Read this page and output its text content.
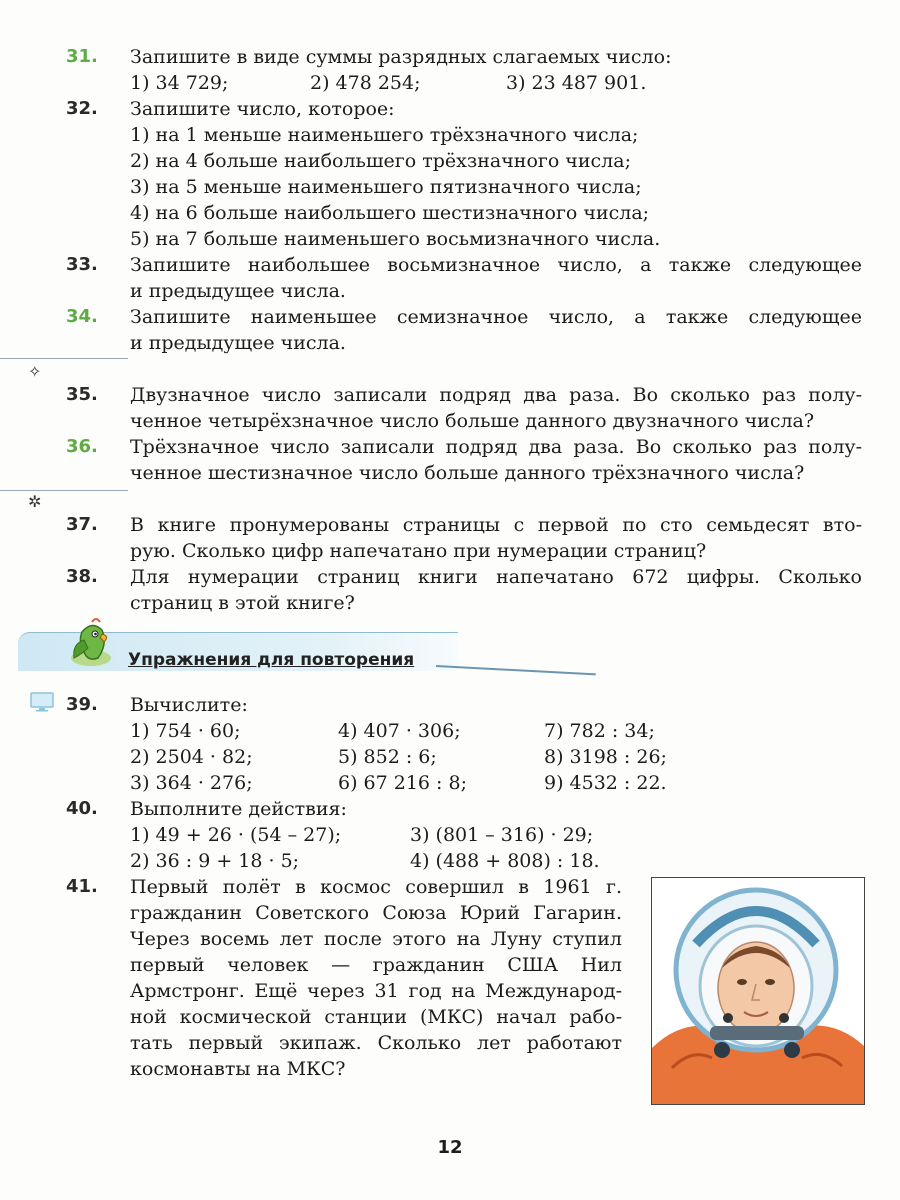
31.	Запишите в виде суммы разрядных слагаемых число:
1) 34 729;	2) 478 254;	3) 23 487 901.
32.	Запишите число, которое:
1) на 1 меньше наименьшего трёхзначного числа;
2) на 4 больше наибольшего трёхзначного числа;
3) на 5 меньше наименьшего пятизначного числа;
4) на 6 больше наибольшего шестизначного числа;
5) на 7 больше наименьшего восьмизначного числа.
33.	Запишите наибольшее восьмизначное число, а также следующее
и предыдущее числа.
34.	Запишите наименьшее семизначное число, а также следующее
и предыдущее числа.
✧
35.	Двузначное число записали подряд два раза. Во сколько раз полу-
ченное четырёхзначное число больше данного двузначного числа?
36.	Трёхзначное число записали подряд два раза. Во сколько раз полу-
ченное шестизначное число больше данного трёхзначного числа?
✲
37.	В книге пронумерованы страницы с первой по сто семьдесят вто-
рую. Сколько цифр напечатано при нумерации страниц?
38.	Для нумерации страниц книги напечатано 672 цифры. Сколько
страниц в этой книге?
Упражнения для повторения
39.	Вычислите:
1) 754 · 60;	4) 407 · 306;	7) 782 : 34;
2) 2504 · 82;	5) 852 : 6;	8) 3198 : 26;
3) 364 · 276;	6) 67 216 : 8;	9) 4532 : 22.
40.	Выполните действия:
1) 49 + 26 · (54 – 27);	3) (801 – 316) · 29;
2) 36 : 9 + 18 · 5;	4) (488 + 808) : 18.
41.	Первый полёт в космос совершил в 1961 г.
гражданин Советского Союза Юрий Гагарин.
Через восемь лет после этого на Луну ступил
первый человек — гражданин США Нил
Армстронг. Ещё через 31 год на Международ-
ной космической станции (МКС) начал рабо-
тать первый экипаж. Сколько лет работают
космонавты на МКС?
12
